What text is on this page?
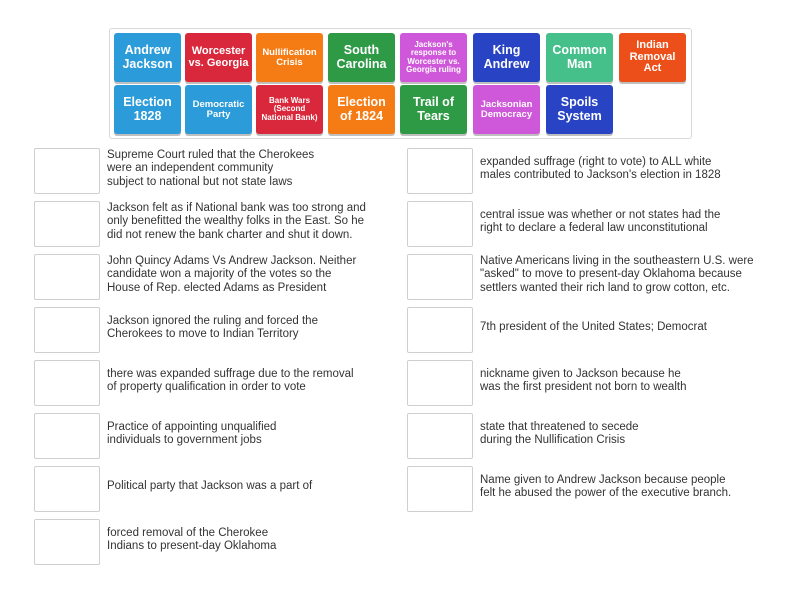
Andrew Jackson
Worcester vs. Georgia
Nullification Crisis
South Carolina
Jackson's response to Worcester vs. Georgia ruling
King Andrew
Common Man
Indian Removal Act
Election 1828
Democratic Party
Bank Wars (Second National Bank)
Election of 1824
Trail of Tears
Jacksonian Democracy
Spoils System
Supreme Court ruled that the Cherokees
were an independent community
subject to national but not state laws
Jackson felt as if National bank was too strong and
only benefitted the wealthy folks in the East. So he
did not renew the bank charter and shut it down.
John Quincy Adams Vs Andrew Jackson. Neither
candidate won a majority of the votes so the
House of Rep. elected Adams as President
Jackson ignored the ruling and forced the
Cherokees to move to Indian Territory
there was expanded suffrage due to the removal
of property qualification in order to vote
Practice of appointing unqualified
individuals to government jobs
Political party that Jackson was a part of
forced removal of the Cherokee
Indians to present-day Oklahoma
expanded suffrage (right to vote) to ALL white
males contributed to Jackson's election in 1828
central issue was whether or not states had the
right to declare a federal law unconstitutional
Native Americans living in the southeastern U.S. were
"asked" to move to present-day Oklahoma because
settlers wanted their rich land to grow cotton, etc.
7th president of the United States; Democrat
nickname given to Jackson because he
was the first president not born to wealth
state that threatened to secede
during the Nullification Crisis
Name given to Andrew Jackson because people
felt he abused the power of the executive branch.
